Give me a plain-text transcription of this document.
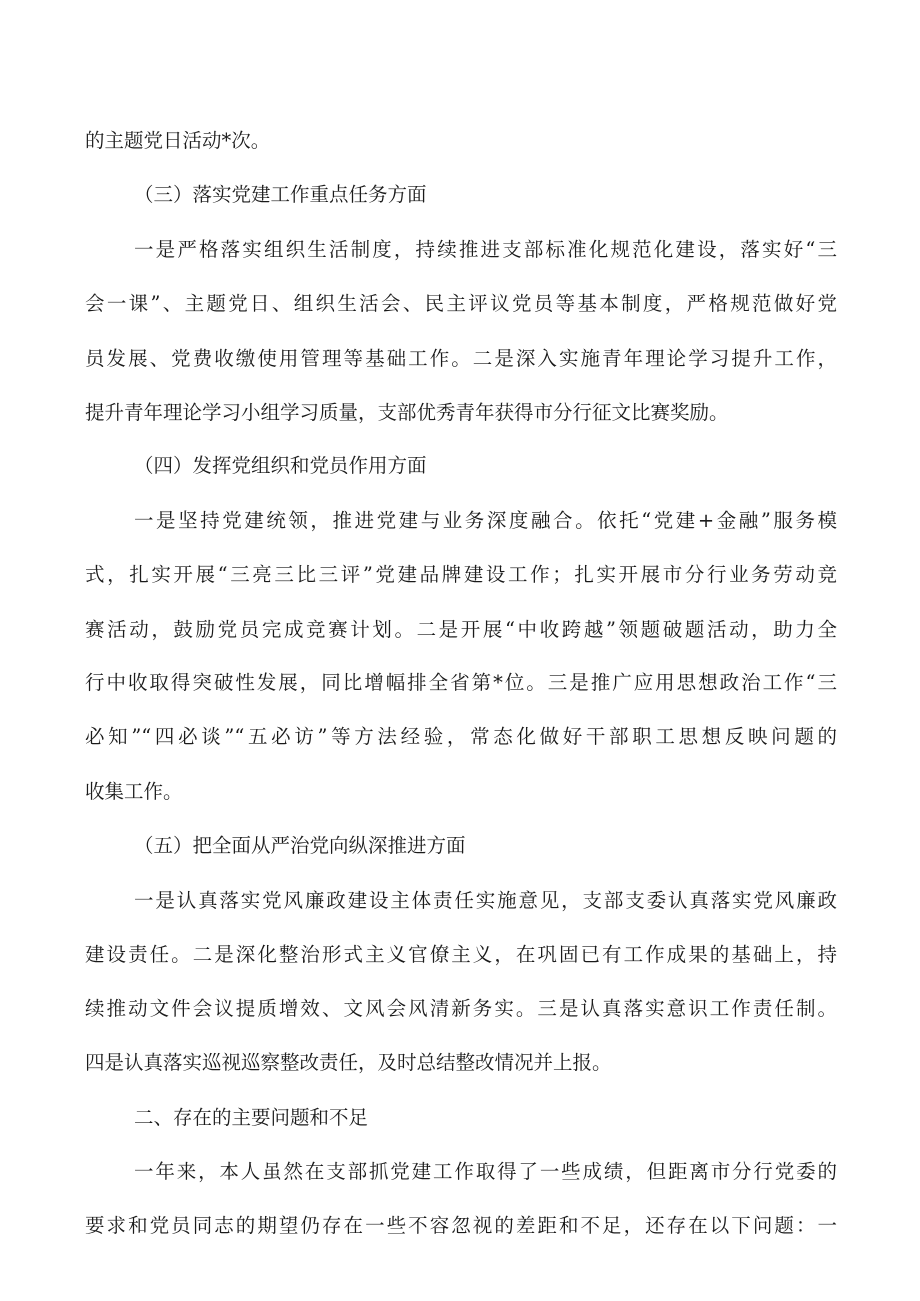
的主题党日活动*次。
（三）落实党建工作重点任务方面
一是严格落实组织生活制度，持续推进支部标准化规范化建设，落实好“三
会一课”、主题党日、组织生活会、民主评议党员等基本制度，严格规范做好党
员发展、党费收缴使用管理等基础工作。二是深入实施青年理论学习提升工作，
提升青年理论学习小组学习质量，支部优秀青年获得市分行征文比赛奖励。
（四）发挥党组织和党员作用方面
一是坚持党建统领，推进党建与业务深度融合。依托“党建+金融”服务模
式，扎实开展“三亮三比三评”党建品牌建设工作；扎实开展市分行业务劳动竞
赛活动，鼓励党员完成竞赛计划。二是开展“中收跨越”领题破题活动，助力全
行中收取得突破性发展，同比增幅排全省第*位。三是推广应用思想政治工作“三
必知”“四必谈”“五必访”等方法经验，常态化做好干部职工思想反映问题的
收集工作。
（五）把全面从严治党向纵深推进方面
一是认真落实党风廉政建设主体责任实施意见，支部支委认真落实党风廉政
建设责任。二是深化整治形式主义官僚主义，在巩固已有工作成果的基础上，持
续推动文件会议提质增效、文风会风清新务实。三是认真落实意识工作责任制。
四是认真落实巡视巡察整改责任，及时总结整改情况并上报。
二、存在的主要问题和不足
一年来，本人虽然在支部抓党建工作取得了一些成绩，但距离市分行党委的
要求和党员同志的期望仍存在一些不容忽视的差距和不足，还存在以下问题：一
